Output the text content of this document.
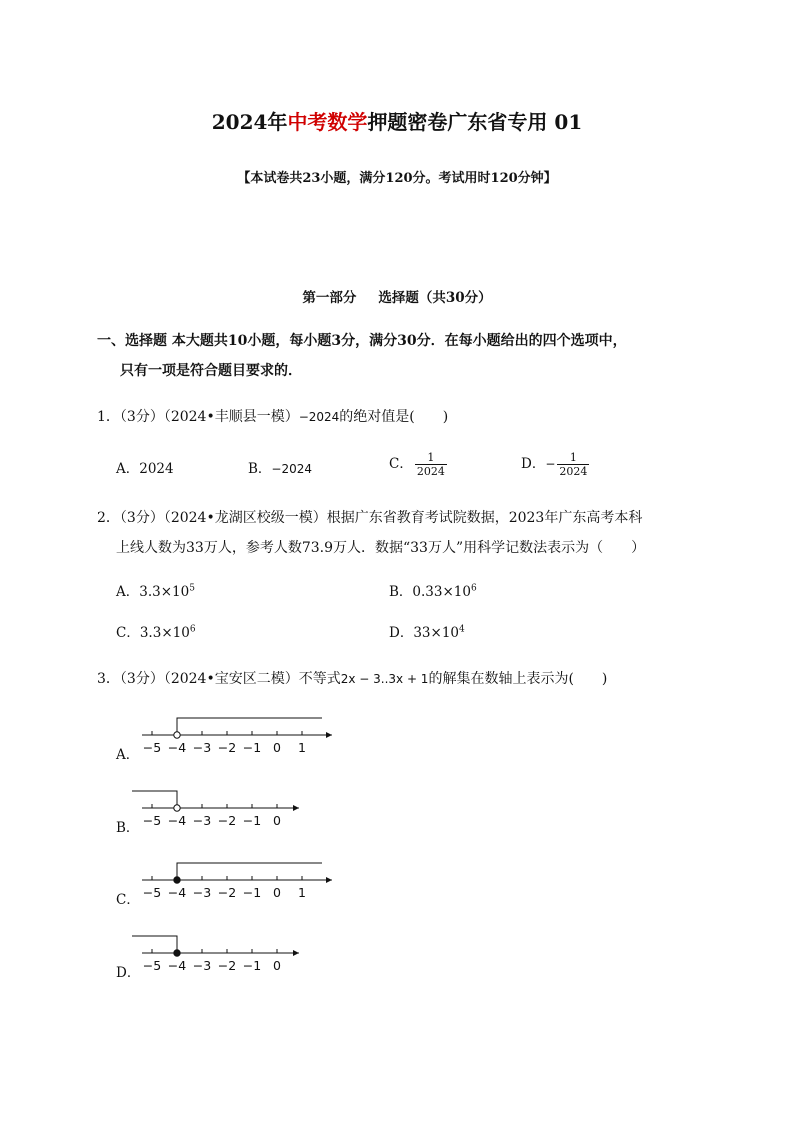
2024年中考数学押题密卷广东省专用 01
【本试卷共23小题，满分120分。考试用时120分钟】
第一部分 选择题（共30分）
一、选择题 本大题共10小题，每小题3分，满分30分．在每小题给出的四个选项中，
只有一项是符合题目要求的．
1．（3分）（2024•丰顺县一模）−2024的绝对值是(　　)
A．2024	B．−2024	C． $\frac{1}{2024}$	D．− $\frac{1}{2024}$
2．（3分）（2024•龙湖区校级一模）根据广东省教育考试院数据，2023年广东高考本科
上线人数为33万人，参考人数73.9万人．数据“33万人”用科学记数法表示为（　　）
A．$3.3\times 10^5$	B．$0.33\times 10^6$
C．$3.3\times 10^6$	D．$33\times 10^4$
3．（3分）（2024•宝安区二模）不等式2x − 3..3x + 1的解集在数轴上表示为(　　)
A． −5 −4 −3 −2 −1 0 1
B． −5 −4 −3 −2 −1 0
C． −5 −4 −3 −2 −1 0 1
D． −5 −4 −3 −2 −1 0
